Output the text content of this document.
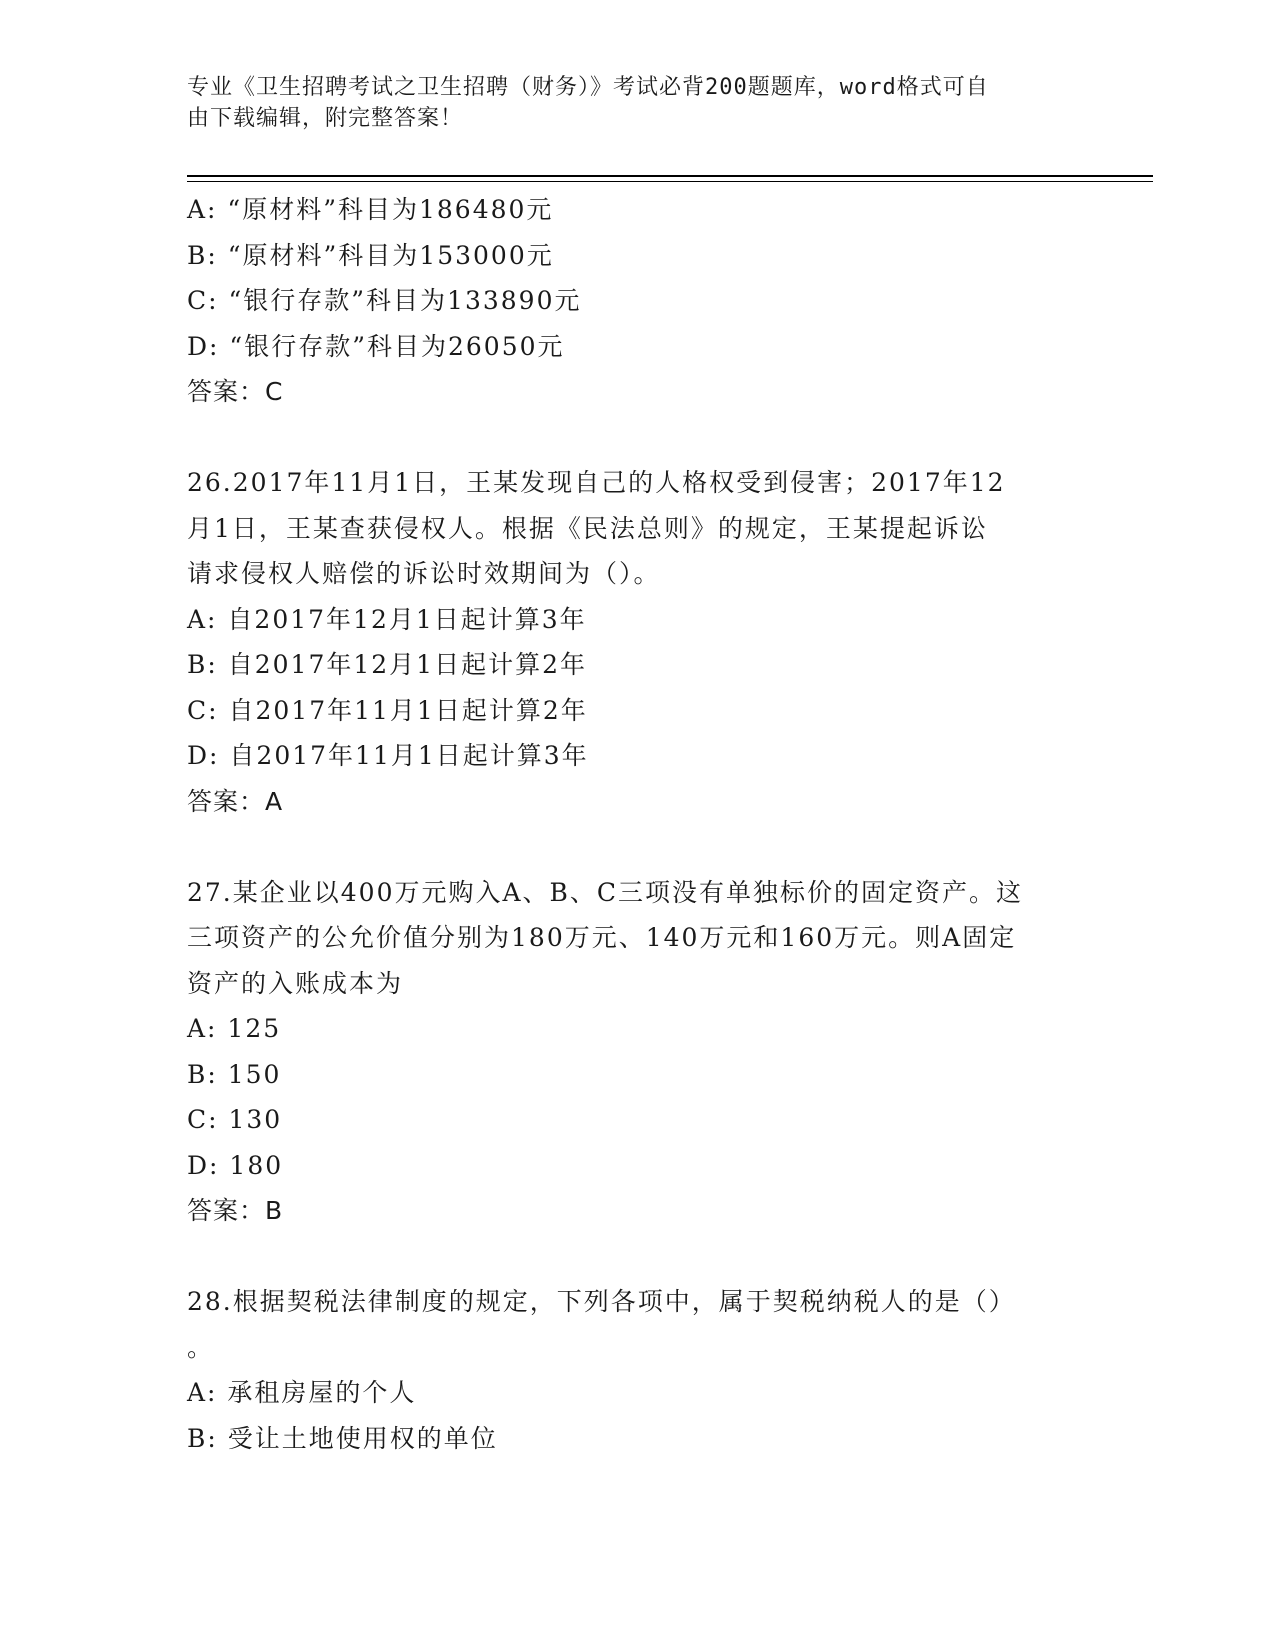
专业《卫生招聘考试之卫生招聘（财务）》考试必背200题题库，word格式可自
由下载编辑，附完整答案！
A: “原材料”科目为186480元
B: “原材料”科目为153000元
C: “银行存款”科目为133890元
D: “银行存款”科目为26050元
答案：C
26.2017年11月1日，王某发现自己的人格权受到侵害；2017年12
月1日，王某查获侵权人。根据《民法总则》的规定，王某提起诉讼
请求侵权人赔偿的诉讼时效期间为（）。
A: 自2017年12月1日起计算3年
B: 自2017年12月1日起计算2年
C: 自2017年11月1日起计算2年
D: 自2017年11月1日起计算3年
答案：A
27.某企业以400万元购入A、B、C三项没有单独标价的固定资产。这
三项资产的公允价值分别为180万元、140万元和160万元。则A固定
资产的入账成本为
A: 125
B: 150
C: 130
D: 180
答案：B
28.根据契税法律制度的规定，下列各项中，属于契税纳税人的是（）
。
A: 承租房屋的个人
B: 受让土地使用权的单位
